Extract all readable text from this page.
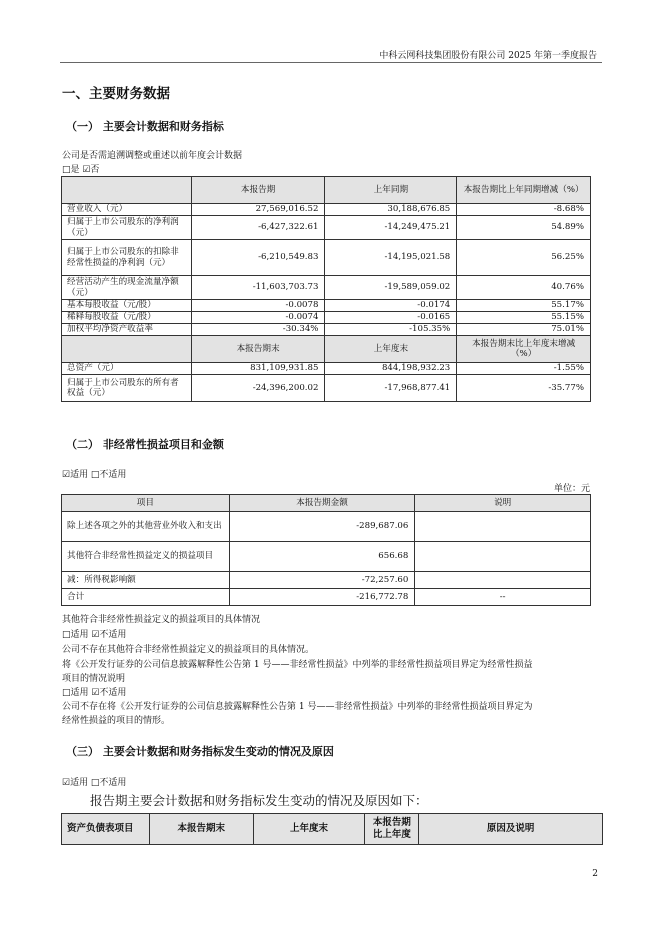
中科云网科技集团股份有限公司 2025 年第一季度报告
一、主要财务数据
（一） 主要会计数据和财务指标
公司是否需追溯调整或重述以前年度会计数据
□是 ☑否
	本报告期	上年同期	本报告期比上年同期增减（%）
营业收入（元）	27,569,016.52	30,188,676.85	-8.68%
归属于上市公司股东的净利润（元）	-6,427,322.61	-14,249,475.21	54.89%
归属于上市公司股东的扣除非经常性损益的净利润（元）	-6,210,549.83	-14,195,021.58	56.25%
经营活动产生的现金流量净额（元）	-11,603,703.73	-19,589,059.02	40.76%
基本每股收益（元/股）	-0.0078	-0.0174	55.17%
稀释每股收益（元/股）	-0.0074	-0.0165	55.15%
加权平均净资产收益率	-30.34%	-105.35%	75.01%
	本报告期末	上年度末	本报告期末比上年度末增减（%）
总资产（元）	831,109,931.85	844,198,932.23	-1.55%
归属于上市公司股东的所有者权益（元）	-24,396,200.02	-17,968,877.41	-35.77%
（二） 非经常性损益项目和金额
☑适用 □不适用
单位：元
项目	本报告期金额	说明
除上述各项之外的其他营业外收入和支出	-289,687.06	
其他符合非经常性损益定义的损益项目	656.68	
减：所得税影响额	-72,257.60	
合计	-216,772.78	--
其他符合非经常性损益定义的损益项目的具体情况
□适用 ☑不适用
公司不存在其他符合非经常性损益定义的损益项目的具体情况。
将《公开发行证券的公司信息披露解释性公告第 1 号——非经常性损益》中列举的非经常性损益项目界定为经常性损益
项目的情况说明
□适用 ☑不适用
公司不存在将《公开发行证券的公司信息披露解释性公告第 1 号——非经常性损益》中列举的非经常性损益项目界定为
经常性损益的项目的情形。
（三） 主要会计数据和财务指标发生变动的情况及原因
☑适用 □不适用
报告期主要会计数据和财务指标发生变动的情况及原因如下：
资产负债表项目	本报告期末	上年度末	本报告期比上年度	原因及说明
2
